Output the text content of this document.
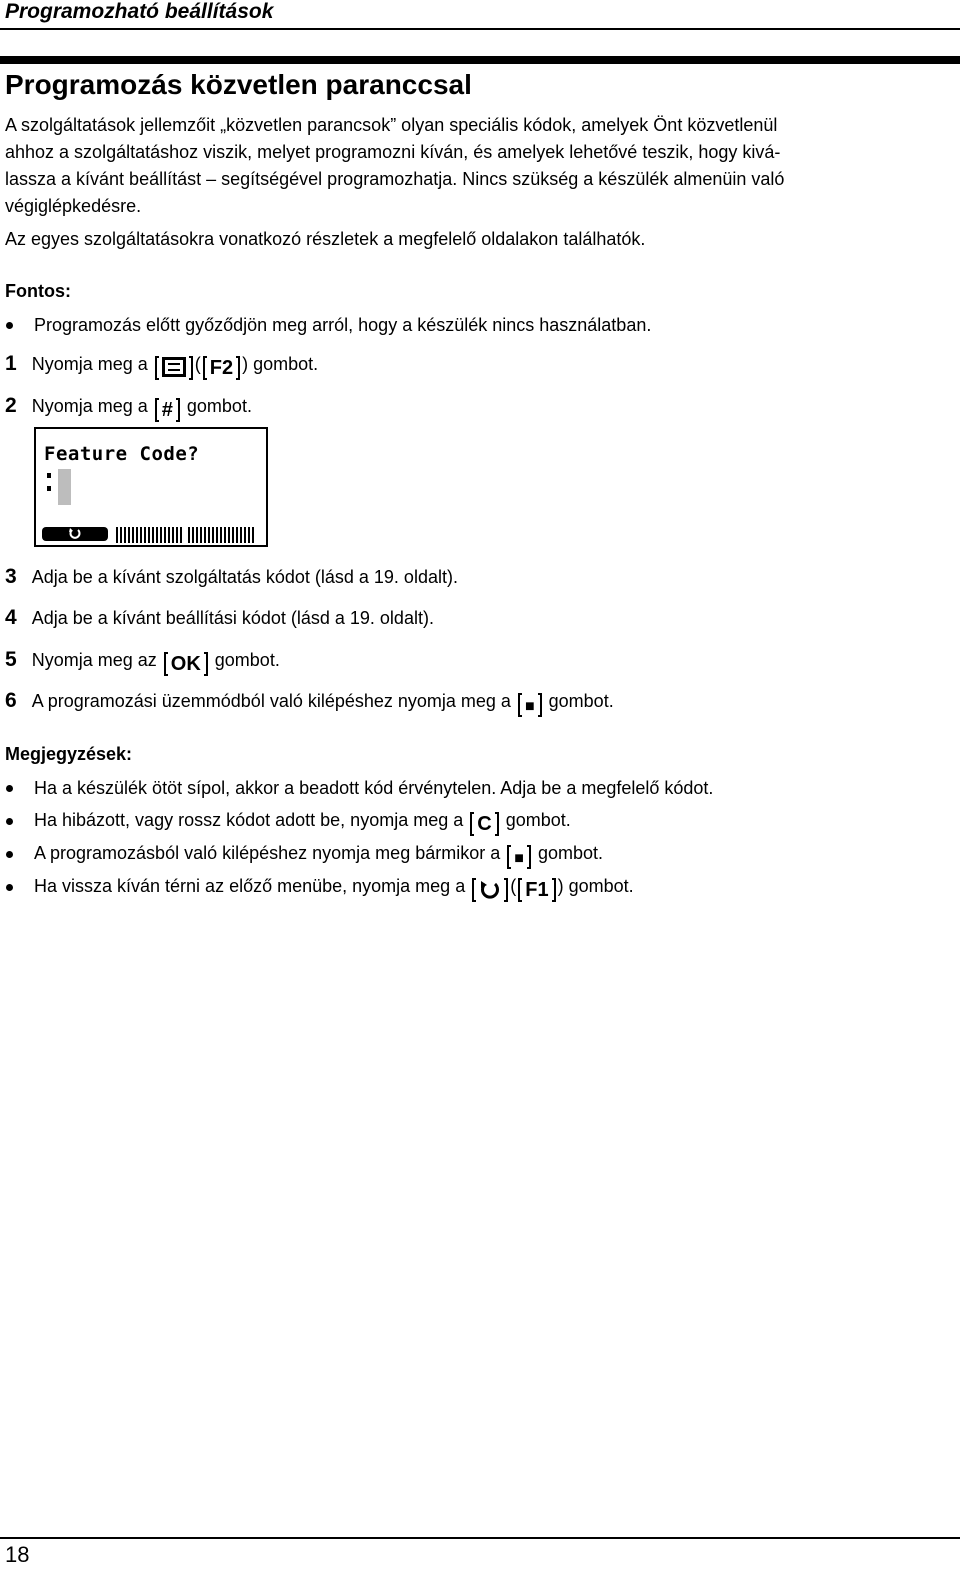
Programozható beállítások
Programozás közvetlen paranccsal
A szolgáltatások jellemzőit „közvetlen parancsok” olyan speciális kódok, amelyek Önt közvetlenül
ahhoz a szolgáltatáshoz viszik, melyet programozni kíván, és amelyek lehetővé teszik, hogy kivá-
lassza a kívánt beállítást – segítségével programozhatja. Nincs szükség a készülék almenüin való
végiglépkedésre.
Az egyes szolgáltatásokra vonatkozó részletek a megfelelő oldalakon találhatók.
Fontos:
Programozás előtt győződjön meg arról, hogy a készülék nincs használatban.
1 Nyomja meg a	( F2 ) gombot.
2 Nyomja meg a # gombot.
Feature Code?
3 Adja be a kívánt szolgáltatás kódot (lásd a 19. oldalt).
4 Adja be a kívánt beállítási kódot (lásd a 19. oldalt).
5 Nyomja meg az OK gombot.
6 A programozási üzemmódból való kilépéshez nyomja meg a ■ gombot.
Megjegyzések:
Ha a készülék ötöt sípol, akkor a beadott kód érvénytelen. Adja be a megfelelő kódot.
Ha hibázott, vagy rossz kódot adott be, nyomja meg a C gombot.
A programozásból való kilépéshez nyomja meg bármikor a ■ gombot.
Ha vissza kíván térni az előző menübe, nyomja meg a	( F1 ) gombot.
18
